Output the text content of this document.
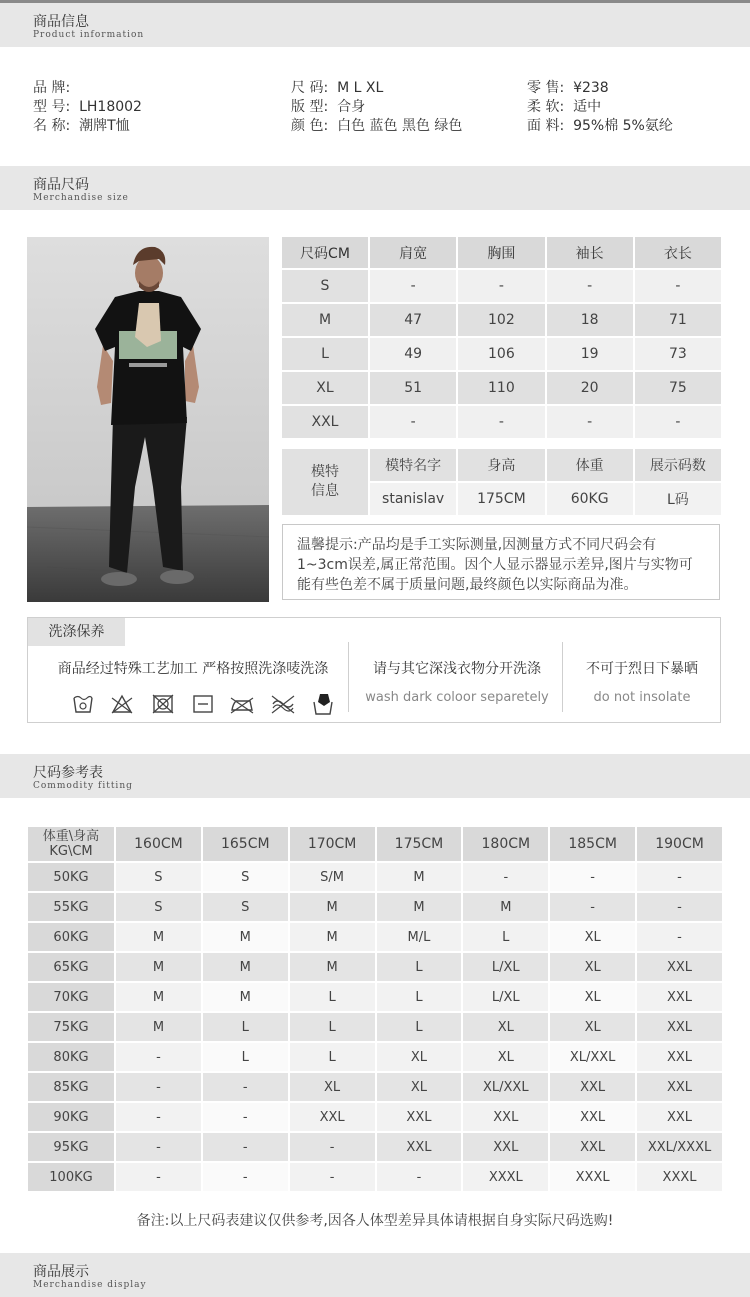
商品信息
Product information
品 牌:
型 号: LH18002
名 称: 潮牌T恤
尺 码: M L XL
版 型: 合身
颜 色: 白色 蓝色 黑色 绿色
零 售: ¥238
柔 软: 适中
面 料: 95%棉 5%氨纶
商品尺码
Merchandise size
尺码CM	肩宽	胸围	袖长	衣长
S	-	-	-	-
M	47	102	18	71
L	49	106	19	73
XL	51	110	20	75
XXL	-	-	-	-
模特
信息	模特名字	身高	体重	展示码数
	stanislav	175CM	60KG	L码
温馨提示:产品均是手工实际测量,因测量方式不同尺码会有1~3cm误差,属正常范围。因个人显示器显示差异,图片与实物可能有些色差不属于质量问题,最终颜色以实际商品为准。
洗涤保养
商品经过特殊工艺加工 严格按照洗涤唛洗涤	请与其它深浅衣物分开洗涤
wash dark coloor separetely
不可于烈日下暴晒
do not insolate
尺码参考表
Commodity fitting
体重\身高
KG\CM	160CM	165CM	170CM	175CM	180CM	185CM	190CM
50KG	S	S	S/M	M	-	-	-
55KG	S	S	M	M	M	-	-
60KG	M	M	M	M/L	L	XL	-
65KG	M	M	M	L	L/XL	XL	XXL
70KG	M	M	L	L	L/XL	XL	XXL
75KG	M	L	L	L	XL	XL	XXL
80KG	-	L	L	XL	XL	XL/XXL	XXL
85KG	-	-	XL	XL	XL/XXL	XXL	XXL
90KG	-	-	XXL	XXL	XXL	XXL	XXL
95KG	-	-	-	XXL	XXL	XXL	XXL/XXXL
100KG	-	-	-	-	XXXL	XXXL	XXXL
备注:以上尺码表建议仅供参考,因各人体型差异具体请根据自身实际尺码选购!
商品展示
Merchandise display
